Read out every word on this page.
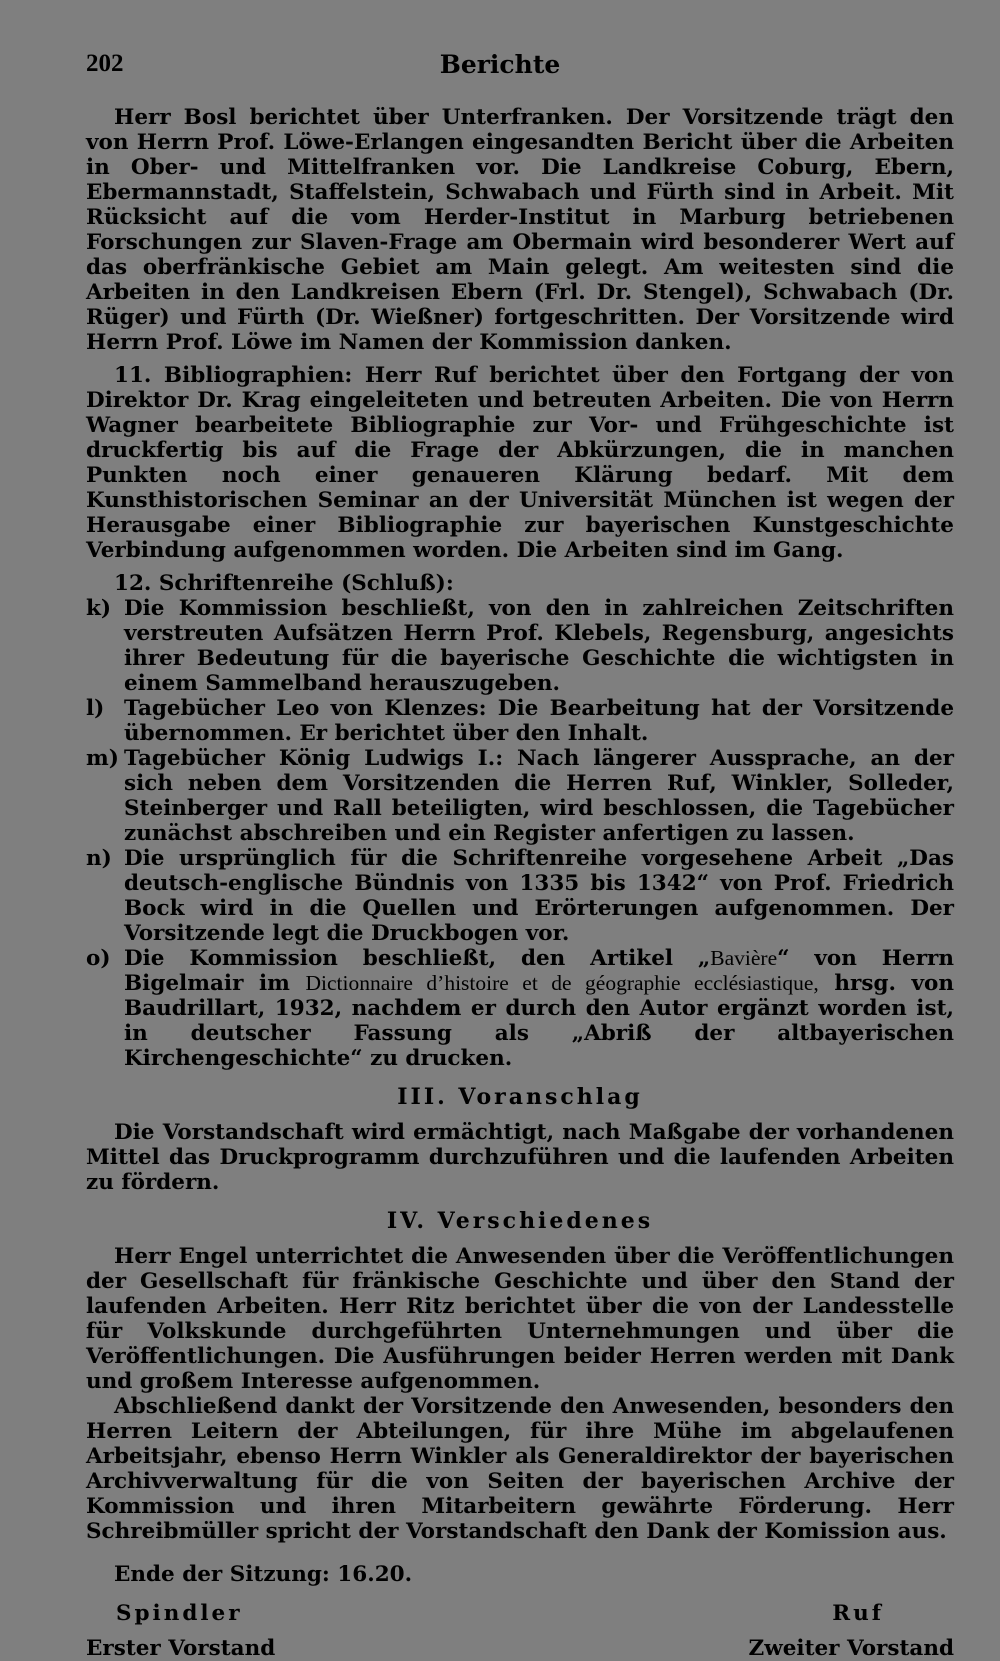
202	Berichte

Herr Bosl berichtet über Unterfranken. Der Vorsitzende trägt den von Herrn Prof. Löwe-Erlangen eingesandten Bericht über die Arbeiten in Ober- und Mittelfranken vor. Die Landkreise Coburg, Ebern, Ebermannstadt, Staffelstein, Schwabach und Fürth sind in Arbeit. Mit Rücksicht auf die vom Herder-Institut in Marburg betriebenen Forschungen zur Slaven-Frage am Obermain wird besonderer Wert auf das oberfränkische Gebiet am Main gelegt. Am weitesten sind die Arbeiten in den Landkreisen Ebern (Frl. Dr. Stengel), Schwabach (Dr. Rüger) und Fürth (Dr. Wießner) fortgeschritten. Der Vorsitzende wird Herrn Prof. Löwe im Namen der Kommission danken.

11. Bibliographien: Herr Ruf berichtet über den Fortgang der von Direktor Dr. Krag eingeleiteten und betreuten Arbeiten. Die von Herrn Wagner bearbeitete Bibliographie zur Vor- und Frühgeschichte ist druckfertig bis auf die Frage der Abkürzungen, die in manchen Punkten noch einer genaueren Klärung bedarf. Mit dem Kunsthistorischen Seminar an der Universität München ist wegen der Herausgabe einer Bibliographie zur bayerischen Kunstgeschichte Verbindung aufgenommen worden. Die Arbeiten sind im Gang.

12. Schriftenreihe (Schluß):

k) Die Kommission beschließt, von den in zahlreichen Zeitschriften verstreuten Aufsätzen Herrn Prof. Klebels, Regensburg, angesichts ihrer Bedeutung für die bayerische Geschichte die wichtigsten in einem Sammelband herauszugeben.
l) Tagebücher Leo von Klenzes: Die Bearbeitung hat der Vorsitzende übernommen. Er berichtet über den Inhalt.
m) Tagebücher König Ludwigs I.: Nach längerer Aussprache, an der sich neben dem Vorsitzenden die Herren Ruf, Winkler, Solleder, Steinberger und Rall beteiligten, wird beschlossen, die Tagebücher zunächst abschreiben und ein Register anfertigen zu lassen.
n) Die ursprünglich für die Schriftenreihe vorgesehene Arbeit „Das deutsch-englische Bündnis von 1335 bis 1342“ von Prof. Friedrich Bock wird in die Quellen und Erörterungen aufgenommen. Der Vorsitzende legt die Druckbogen vor.
o) Die Kommission beschließt, den Artikel „Bavière“ von Herrn Bigelmair im Dictionnaire d’histoire et de géographie ecclésiastique, hrsg. von Baudrillart, 1932, nachdem er durch den Autor ergänzt worden ist, in deutscher Fassung als „Abriß der altbayerischen Kirchengeschichte“ zu drucken.
III. Voranschlag

Die Vorstandschaft wird ermächtigt, nach Maßgabe der vorhandenen Mittel das Druckprogramm durchzuführen und die laufenden Arbeiten zu fördern.

IV. Verschiedenes

Herr Engel unterrichtet die Anwesenden über die Veröffentlichungen der Gesellschaft für fränkische Geschichte und über den Stand der laufenden Arbeiten. Herr Ritz berichtet über die von der Landesstelle für Volkskunde durchgeführten Unternehmungen und über die Veröffentlichungen. Die Ausführungen beider Herren werden mit Dank und großem Interesse aufgenommen.

Abschließend dankt der Vorsitzende den Anwesenden, besonders den Herren Leitern der Abteilungen, für ihre Mühe im abgelaufenen Arbeitsjahr, ebenso Herrn Winkler als Generaldirektor der bayerischen Archivverwaltung für die von Seiten der bayerischen Archive der Kommission und ihren Mitarbeitern gewährte Förderung. Herr Schreibmüller spricht der Vorstandschaft den Dank der Komission aus.

Ende der Sitzung: 16.20.

Spindler	Ruf
Erster Vorstand	Zweiter Vorstand
